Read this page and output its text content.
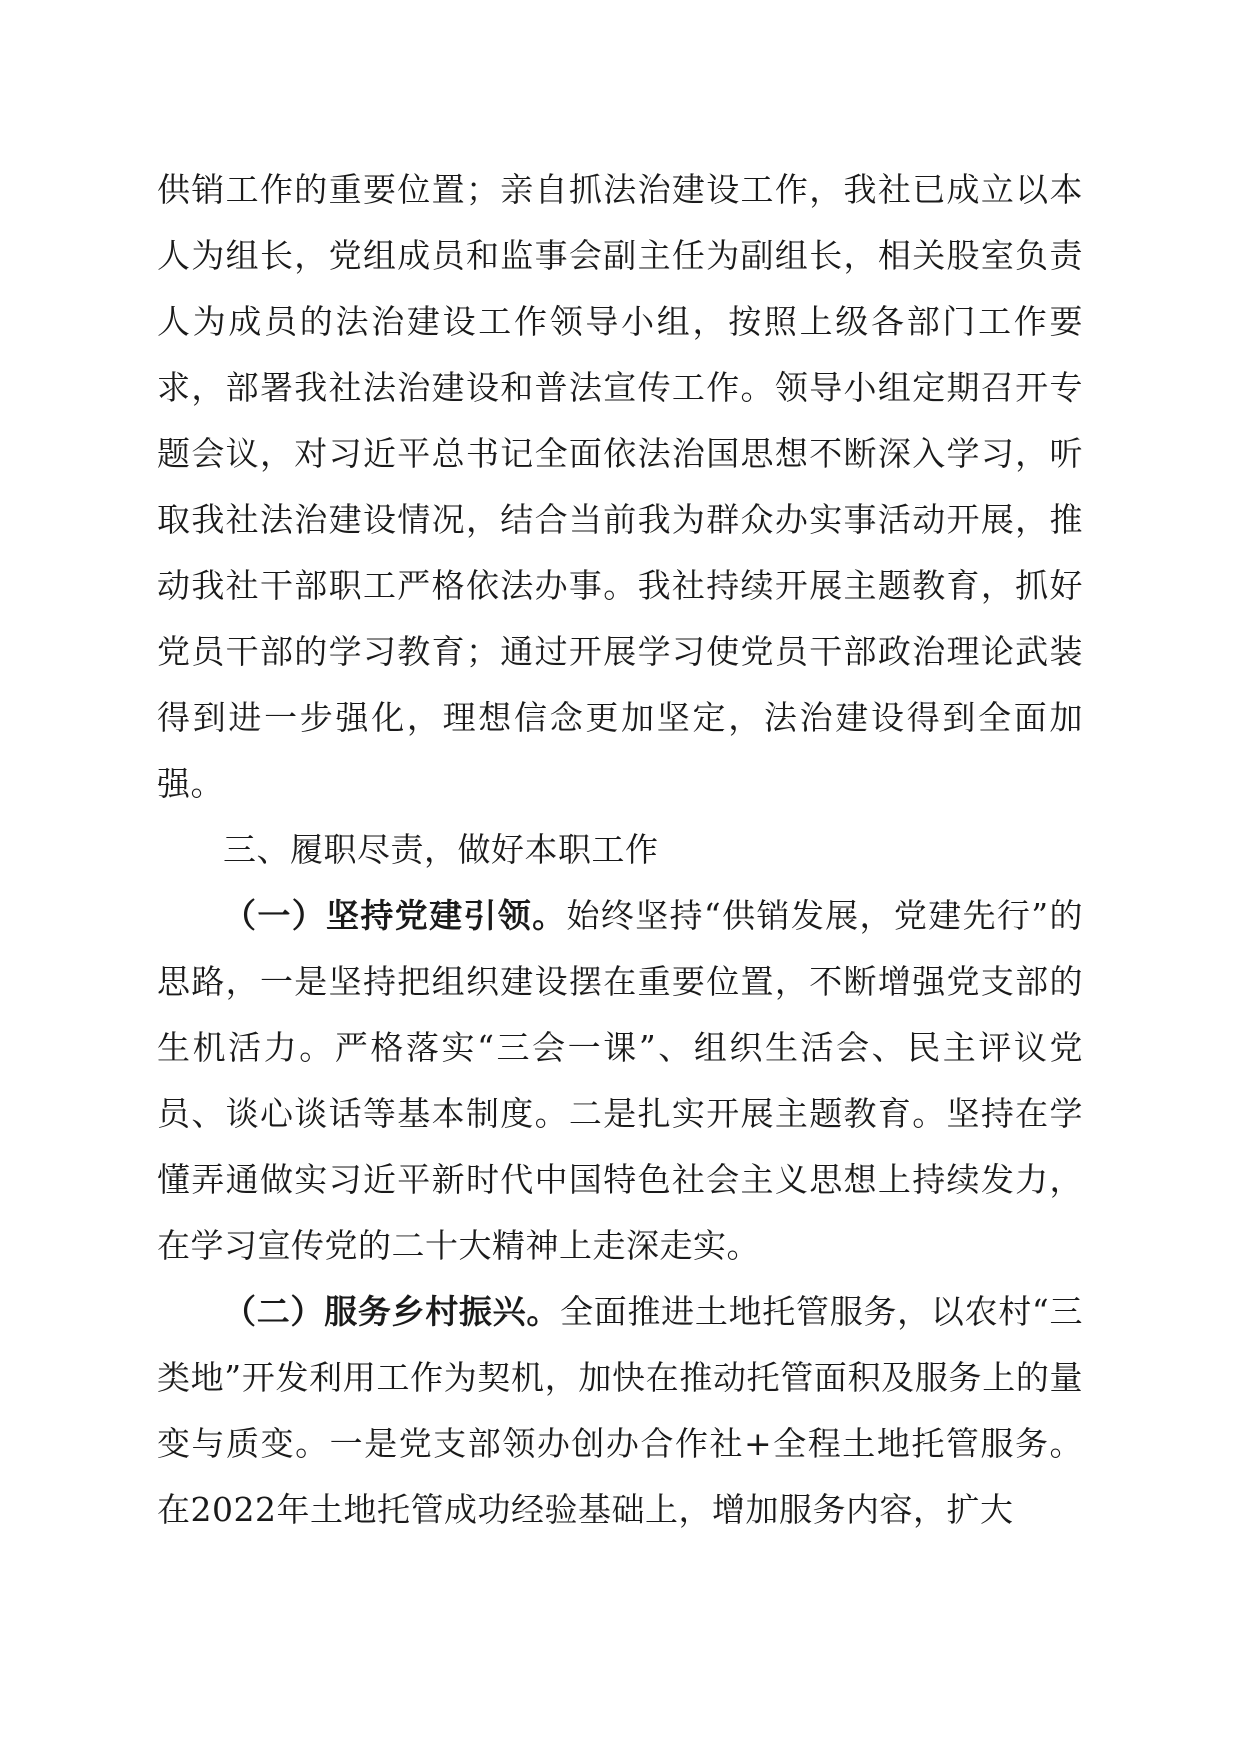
供销工作的重要位置；亲自抓法治建设工作，我社已成立以本人为组长，党组成员和监事会副主任为副组长，相关股室负责人为成员的法治建设工作领导小组，按照上级各部门工作要求，部署我社法治建设和普法宣传工作。领导小组定期召开专题会议，对习近平总书记全面依法治国思想不断深入学习，听取我社法治建设情况，结合当前我为群众办实事活动开展，推动我社干部职工严格依法办事。我社持续开展主题教育，抓好党员干部的学习教育；通过开展学习使党员干部政治理论武装得到进一步强化，理想信念更加坚定，法治建设得到全面加强。

三、履职尽责，做好本职工作

（一）坚持党建引领。始终坚持“供销发展，党建先行”的思路，一是坚持把组织建设摆在重要位置，不断增强党支部的生机活力。严格落实“三会一课”、组织生活会、民主评议党员、谈心谈话等基本制度。二是扎实开展主题教育。坚持在学懂弄通做实习近平新时代中国特色社会主义思想上持续发力，在学习宣传党的二十大精神上走深走实。

（二）服务乡村振兴。全面推进土地托管服务，以农村“三类地”开发利用工作为契机，加快在推动托管面积及服务上的量变与质变。一是党支部领办创办合作社+全程土地托管服务。在2022年土地托管成功经验基础上，增加服务内容，扩大
